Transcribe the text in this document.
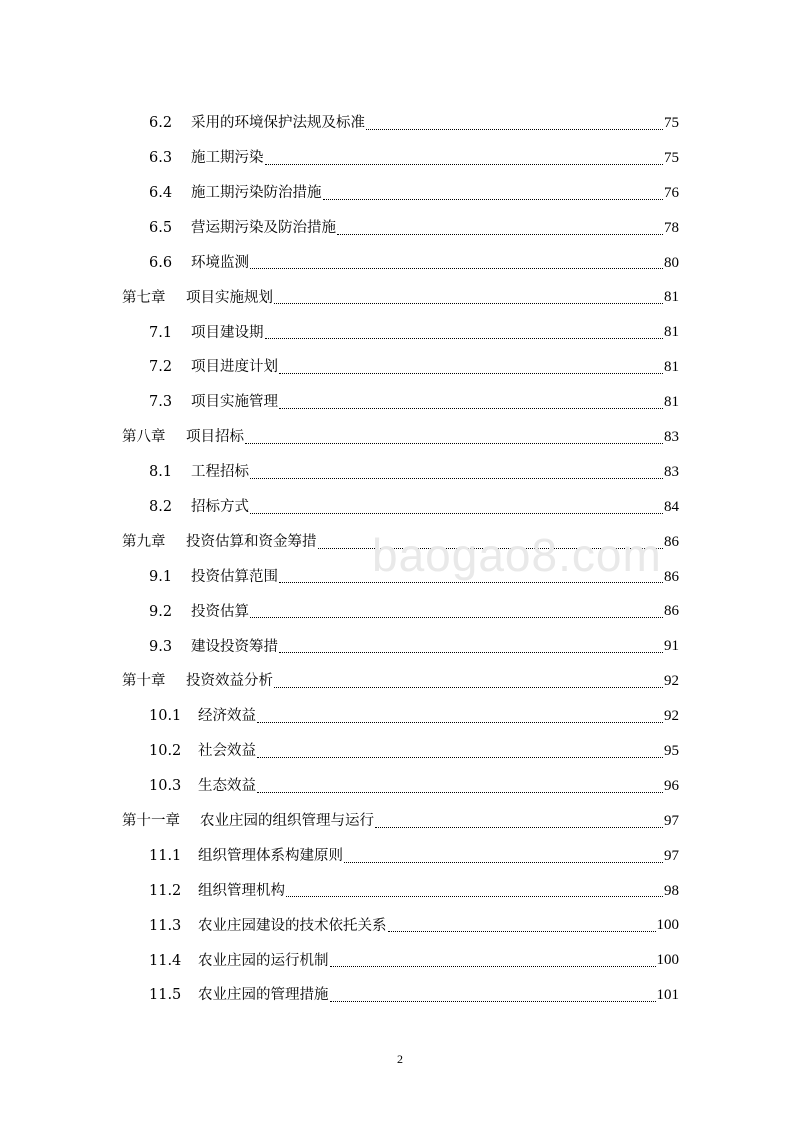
6.2	采用的环境保护法规及标准	75
6.3	施工期污染	75
6.4	施工期污染防治措施	76
6.5	营运期污染及防治措施	78
6.6	环境监测	80
第七章	项目实施规划	81
7.1	项目建设期	81
7.2	项目进度计划	81
7.3	项目实施管理	81
第八章	项目招标	83
8.1	工程招标	83
8.2	招标方式	84
第九章	投资估算和资金筹措	86
9.1	投资估算范围	86
9.2	投资估算	86
9.3	建设投资筹措	91
第十章	投资效益分析	92
10.1	经济效益	92
10.2	社会效益	95
10.3	生态效益	96
第十一章	农业庄园的组织管理与运行	97
11.1	组织管理体系构建原则	97
11.2	组织管理机构	98
11.3	农业庄园建设的技术依托关系	100
11.4	农业庄园的运行机制	100
11.5	农业庄园的管理措施	101
baogao8.com
2
